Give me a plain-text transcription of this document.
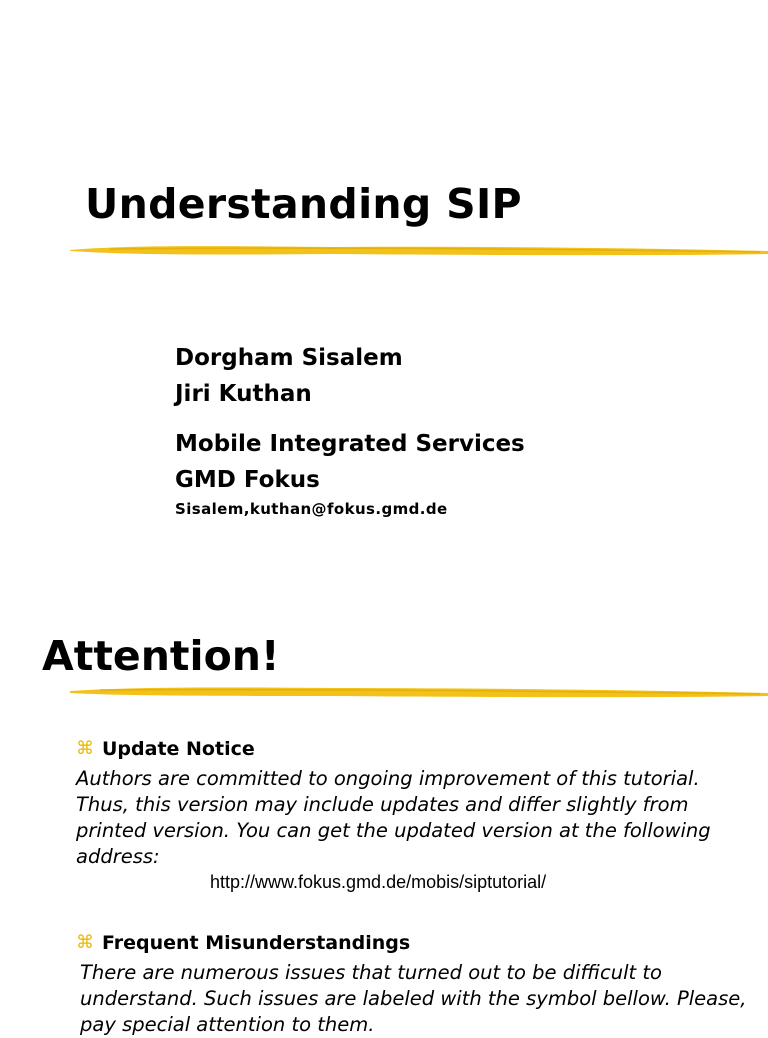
Understanding SIP
Dorgham Sisalem
Jiri Kuthan
Mobile Integrated Services
GMD Fokus
Sisalem,kuthan@fokus.gmd.de
Attention!
⌘ Update Notice

Authors are committed to ongoing improvement of this tutorial. Thus, this version may include updates and differ slightly from printed version. You can get the updated version at the following address:

http://www.fokus.gmd.de/mobis/siptutorial/
⌘ Frequent Misunderstandings

There are numerous issues that turned out to be difficult to understand. Such issues are labeled with the symbol bellow. Please, pay special attention to them.
